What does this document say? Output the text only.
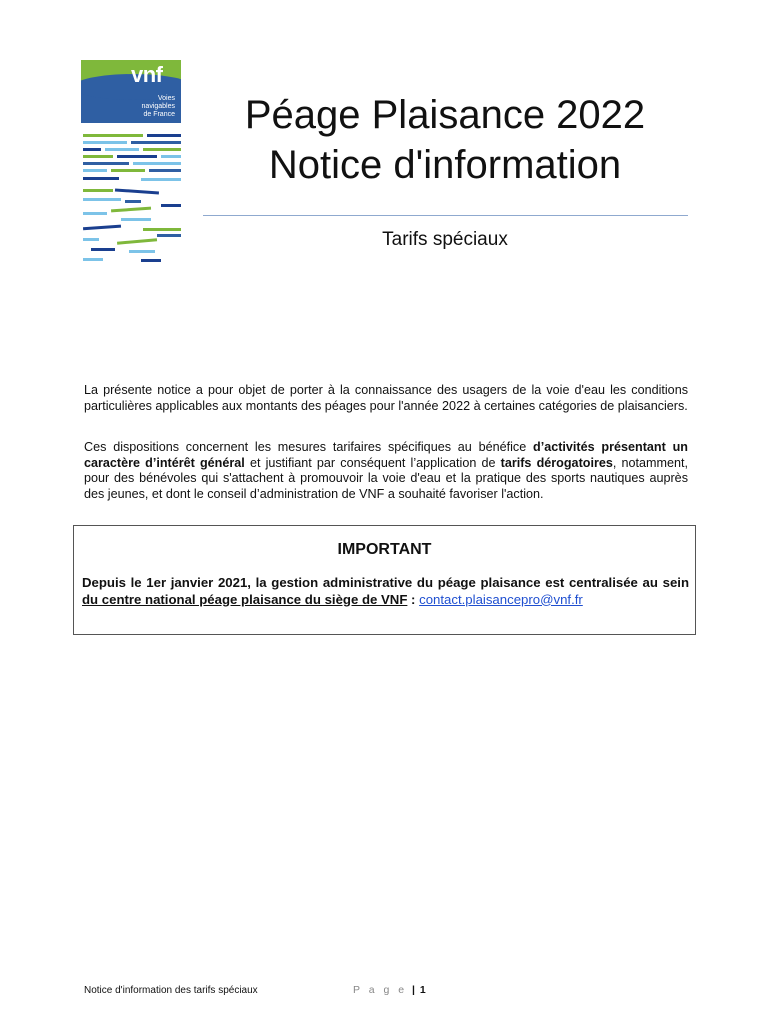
vnf
Voies
navigables
de France	Péage Plaisance 2022
Notice d'information
Tarifs spéciaux
La présente notice a pour objet de porter à la connaissance des usagers de la voie d'eau les conditions particulières applicables aux montants des péages pour l'année 2022 à certaines catégories de plaisanciers.
Ces dispositions concernent les mesures tarifaires spécifiques au bénéfice d’activités présentant un caractère d’intérêt général et justifiant par conséquent l’application de tarifs dérogatoires, notamment, pour des bénévoles qui s'attachent à promouvoir la voie d'eau et la pratique des sports nautiques auprès des jeunes, et dont le conseil d’administration de VNF a souhaité favoriser l'action.
IMPORTANT
Depuis le 1er janvier 2021, la gestion administrative du péage plaisance est centralisée au sein du centre national péage plaisance du siège de VNF : contact.plaisancepro@vnf.fr
Notice d'information des tarifs spéciaux	P a g e | 1
